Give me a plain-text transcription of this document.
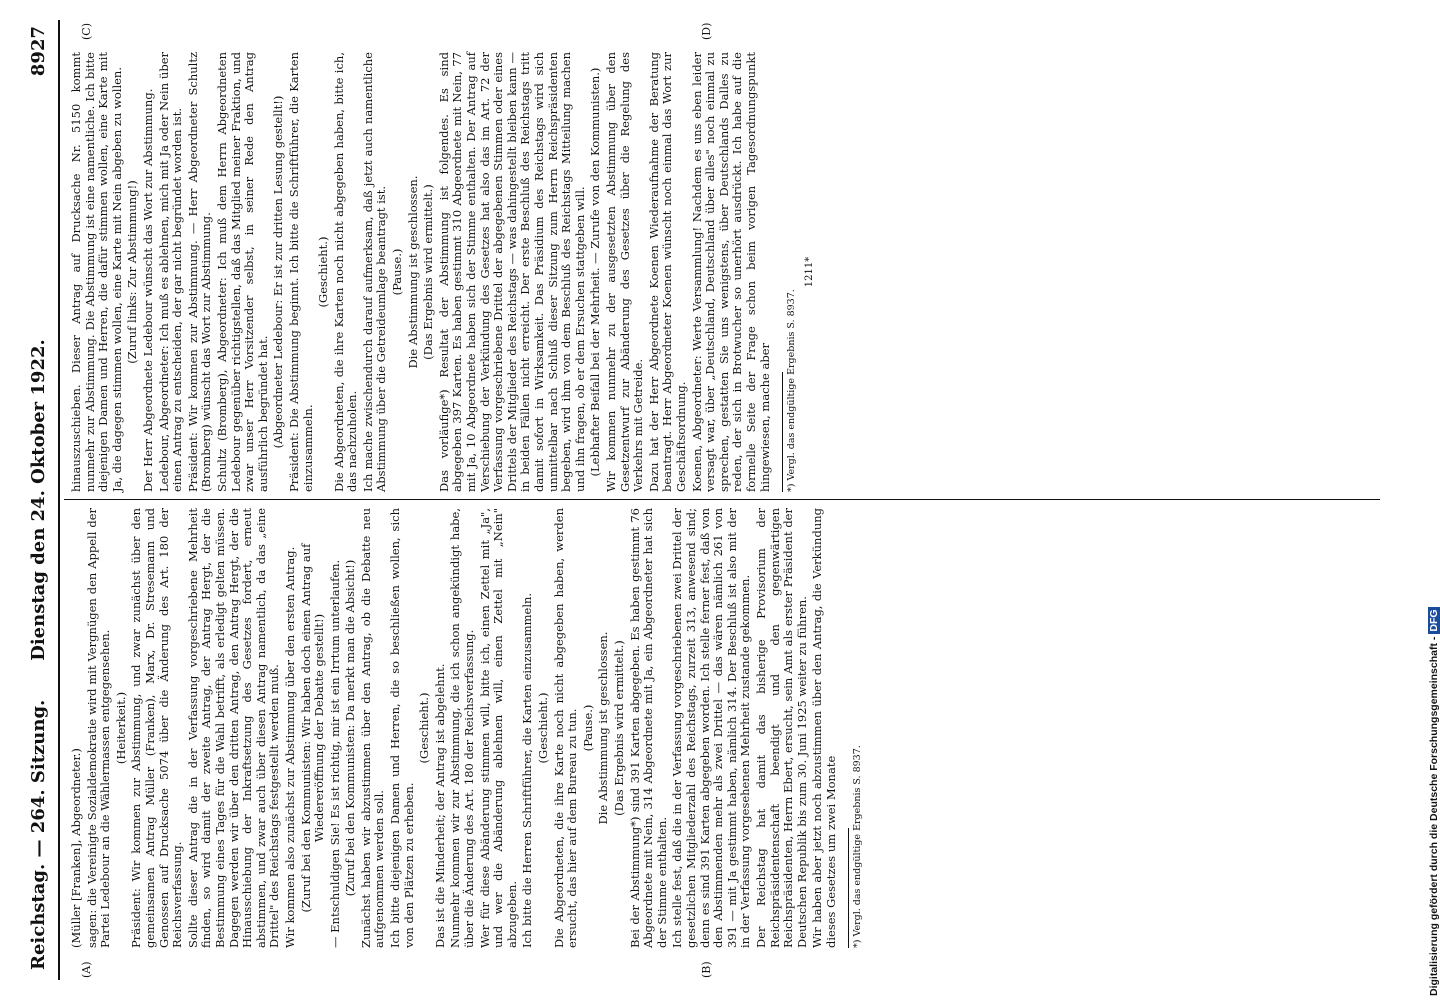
Reichstag. — 264. Sitzung.
Dienstag den 24. Oktober 1922.
8927
(A)	(B)
(C)	(D)

(Müller [Franken], Abgeordneter.) sagen: die Vereinigte Sozialdemokratie wird mit Vergnügen den Appell der Partei Ledebour an die Wählermassen entgegensehen. (Heiterkeit.) Präsident: Wir kommen zur Abstimmung, und zwar zunächst über den gemeinsamen Antrag Müller (Franken), Marx, Dr. Stresemann und Genossen auf Drucksache 5074 über die Änderung des Art. 180 der Reichsverfassung. Sollte dieser Antrag die in der Verfassung vorgeschriebene Mehrheit finden, so wird damit der zweite Antrag, der Antrag Hergt, der die Bestimmung eines Tages für die Wahl betrifft, als erledigt gelten müssen. Dagegen werden wir über den dritten Antrag, den Antrag Hergt, der die Hinausschiebung der Inkraftsetzung des Gesetzes fordert, erneut abstimmen, und zwar auch über diesen Antrag namentlich, da das „eine Drittel" des Reichstags festgestellt werden muß. Wir kommen also zunächst zur Abstimmung über den ersten Antrag. (Zuruf bei den Kommunisten: Wir haben doch einen Antrag auf Wiedereröffnung der Debatte gestellt!) — Entschuldigen Sie! Es ist richtig, mir ist ein Irrtum unterlaufen. (Zuruf bei den Kommunisten: Da merkt man die Absicht!) Zunächst haben wir abzustimmen über den Antrag, ob die Debatte neu aufgenommen werden soll. Ich bitte diejenigen Damen und Herren, die so beschließen wollen, sich von den Plätzen zu erheben.

(Geschieht.) Das ist die Minderheit; der Antrag ist abgelehnt. Nunmehr kommen wir zur Abstimmung, die ich schon angekündigt habe, über die Änderung des Art. 180 der Reichsverfassung. Wer für diese Abänderung stimmen will, bitte ich, einen Zettel mit „Ja", und wer die Abänderung ablehnen will, einen Zettel mit „Nein" abzugeben. Ich bitte die Herren Schriftführer, die Karten einzusammeln. (Geschieht.) Die Abgeordneten, die ihre Karte noch nicht abgegeben haben, werden ersucht, das hier auf dem Bureau zu tun. (Pause.) Die Abstimmung ist geschlossen. (Das Ergebnis wird ermittelt.) Bei der Abstimmung*) sind 391 Karten abgegeben. Es haben gestimmt 76 Abgeordnete mit Nein, 314 Abgeordnete mit Ja, ein Abgeordneter hat sich der Stimme enthalten. Ich stelle fest, daß die in der Verfassung vorgeschriebenen zwei Drittel der gesetzlichen Mitgliederzahl des Reichstags, zurzeit 313, anwesend sind; denn es sind 391 Karten abgegeben worden. Ich stelle ferner fest, daß von den Abstimmenden mehr als zwei Drittel — das wären nämlich 261 von 391 — mit Ja gestimmt haben, nämlich 314. Der Beschluß ist also mit der in der Verfassung vorgesehenen Mehrheit zustande gekommen. Der Reichstag hat damit das bisherige Provisorium der Reichspräsidentenschaft beendigt und den gegenwärtigen Reichspräsidenten, Herrn Ebert, ersucht, sein Amt als erster Präsident der Deutschen Republik bis zum 30. Juni 1925 weiter zu führen. Wir haben aber jetzt noch abzustimmen über den Antrag, die Verkündung dieses Gesetzes um zwei Monate	*) Vergl. das endgültige Ergebnis S. 8937.

hinauszuschieben. Dieser Antrag auf Drucksache Nr. 5150 kommt nunmehr zur Abstimmung. Die Abstimmung ist eine namentliche. Ich bitte diejenigen Damen und Herren, die dafür stimmen wollen, eine Karte mit Ja, die dagegen stimmen wollen, eine Karte mit Nein abgeben zu wollen. (Zuruf links: Zur Abstimmung!) Der Herr Abgeordnete Ledebour wünscht das Wort zur Abstimmung. Ledebour, Abgeordneter: Ich muß es ablehnen, mich mit Ja oder Nein über einen Antrag zu entscheiden, der gar nicht begründet worden ist. Präsident: Wir kommen zur Abstimmung. — Herr Abgeordneter Schultz (Bromberg) wünscht das Wort zur Abstimmung. Schultz (Bromberg), Abgeordneter: Ich muß dem Herrn Abgeordneten Ledebour gegenüber richtigstellen, daß das Mitglied meiner Fraktion, und zwar unser Herr Vorsitzender selbst, in seiner Rede den Antrag ausführlich begründet hat. (Abgeordneter Ledebour: Er ist zur dritten Lesung gestellt!) Präsident: Die Abstimmung beginnt. Ich bitte die Schriftführer, die Karten einzusammeln.

(Geschieht.) Die Abgeordneten, die ihre Karten noch nicht abgegeben haben, bitte ich, das nachzuholen. Ich mache zwischendurch darauf aufmerksam, daß jetzt auch namentliche Abstimmung über die Getreideumlage beantragt ist. (Pause.) Die Abstimmung ist geschlossen. (Das Ergebnis wird ermittelt.) Das vorläufige*) Resultat der Abstimmung ist folgendes. Es sind abgegeben 397 Karten. Es haben gestimmt 310 Abgeordnete mit Nein, 77 mit Ja, 10 Abgeordnete haben sich der Stimme enthalten. Der Antrag auf Verschiebung der Verkündung des Gesetzes hat also das im Art. 72 der Verfassung vorgeschriebene Drittel der abgegebenen Stimmen oder eines Drittels der Mitglieder des Reichstags — was dahingestellt bleiben kann — in beiden Fällen nicht erreicht. Der erste Beschluß des Reichstags tritt damit sofort in Wirksamkeit. Das Präsidium des Reichstags wird sich unmittelbar nach Schluß dieser Sitzung zum Herrn Reichspräsidenten begeben, wird ihm von dem Beschluß des Reichstags Mitteilung machen und ihn fragen, ob er dem Ersuchen stattgeben will. (Lebhafter Beifall bei der Mehrheit. — Zurufe von den Kommunisten.) Wir kommen nunmehr zu der ausgesetzten Abstimmung über den Gesetzentwurf zur Abänderung des Gesetzes über die Regelung des Verkehrs mit Getreide. Dazu hat der Herr Abgeordnete Koenen Wiederaufnahme der Beratung beantragt. Herr Abgeordneter Koenen wünscht noch einmal das Wort zur Geschäftsordnung. Koenen, Abgeordneter: Werte Versammlung! Nachdem es uns eben leider versagt war, über „Deutschland, Deutschland über alles" noch einmal zu sprechen, gestatten Sie uns wenigstens, über Deutschlands Dalles zu reden, der sich in Brotwucher so unerhört ausdrückt. Ich habe auf die formelle Seite der Frage schon beim vorigen Tagesordnungspunkt hingewiesen, mache aber	*) Vergl. das endgültige Ergebnis S. 8937.
1211*
Digitalisierung gefördert durch die Deutsche Forschungsgemeinschaft -DFG
